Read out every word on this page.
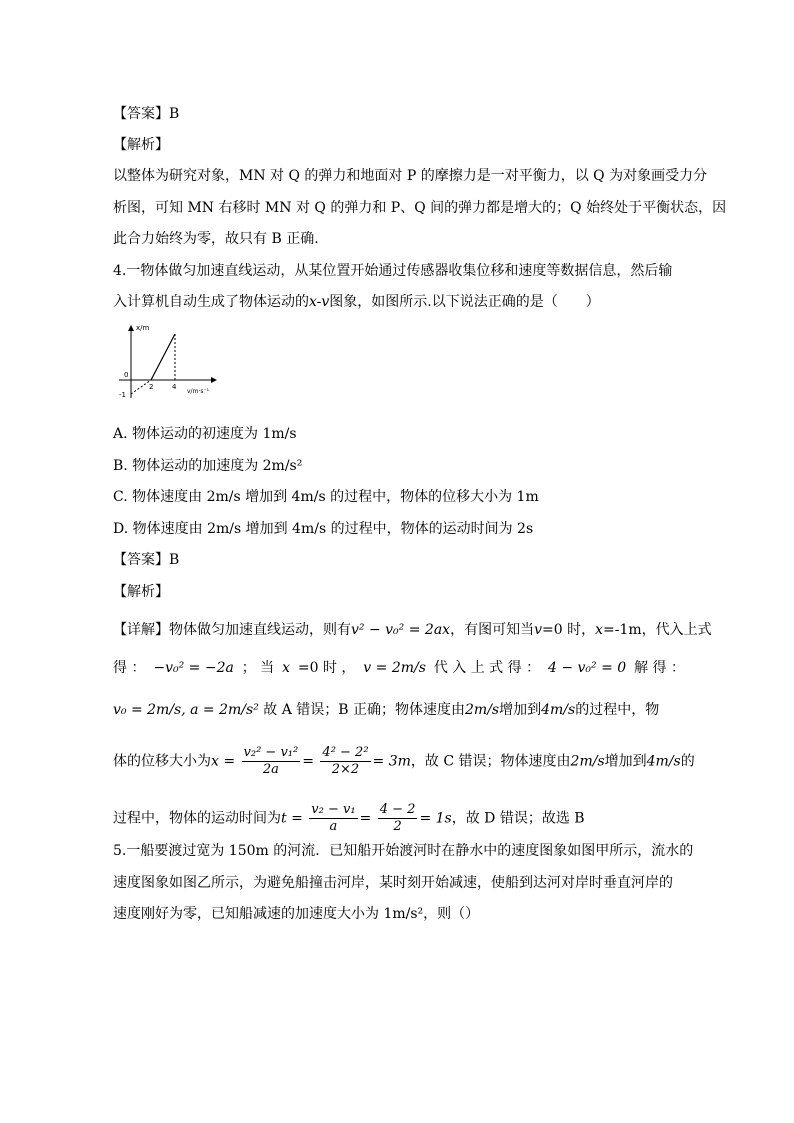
【答案】B
【解析】
以整体为研究对象，MN 对 Q 的弹力和地面对 P 的摩擦力是一对平衡力，以 Q 为对象画受力分
析图，可知 MN 右移时 MN 对 Q 的弹力和 P、Q 间的弹力都是增大的；Q 始终处于平衡状态，因
此合力始终为零，故只有 B 正确.
4.一物体做匀加速直线运动，从某位置开始通过传感器收集位移和速度等数据信息，然后输
入计算机自动生成了物体运动的x-v图象，如图所示.以下说法正确的是（　　）
x/m
0
-1
2	4
v/m·s⁻¹
A. 物体运动的初速度为 1m/s
B. 物体运动的加速度为 2m/s²
C. 物体速度由 2m/s 增加到 4m/s 的过程中，物体的位移大小为 1m
D. 物体速度由 2m/s 增加到 4m/s 的过程中，物体的运动时间为 2s
【答案】B
【解析】
【详解】物体做匀加速直线运动，则有v² − v₀² = 2ax，有图可知当v=0 时，x=-1m，代入上式
得 ： −v₀² = −2a ； 当 x =0 时 ， v = 2m/s 代 入 上 式 得 ： 4 − v₀² = 0 解 得 ：
v₀ = 2m/s, a = 2m/s² 故 A 错误；B 正确；物体速度由2m/s增加到4m/s的过程中，物
体的位移大小为$x = \frac{\text{v₂² − v₁²}}{2a} = \frac{\text{4² − 2²}}{2\times 2} = 3m$，故 C 错误；物体速度由2m/s增加到4m/s的
过程中，物体的运动时间为$t = \frac{\text{v₂ − v₁}}{a} = \frac{4 - 2}{2} = 1s$，故 D 错误；故选 B
5.一船要渡过宽为 150m 的河流．已知船开始渡河时在静水中的速度图象如图甲所示，流水的
速度图象如图乙所示，为避免船撞击河岸，某时刻开始减速，使船到达河对岸时垂直河岸的
速度刚好为零，已知船减速的加速度大小为 1m/s²，则（）
